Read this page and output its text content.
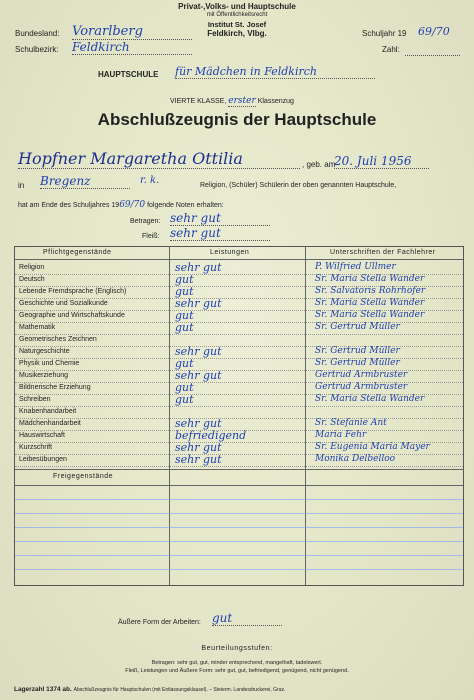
Privat-,Volks- und Hauptschule
mit Öffentlichkeitsrecht
Institut St. Josef
Feldkirch, Vlbg.
Bundesland: Vorarlberg	Schuljahr 19 69/70
Schulbezirk: Feldkirch	Zahl:
HAUPTSCHULE für Mädchen in Feldkirch
VIERTE KLASSE, erster Klassenzug
Abschlußzeugnis der Hauptschule
Hopfner Margaretha Ottilia	, geb. am
20. Juli 1956
in Bregenz	r. k.	Religion, (Schüler) Schülerin der oben genannten Hauptschule,
hat am Ende des Schuljahres 1969/70 folgende Noten erhalten:
Betragen: sehr gut
Fleiß: sehr gut
Pflichtgegenstände	Leistungen	Unterschriften der Fachlehrer
Religion	sehr gut	P. Wilfried Ullmer
Deutsch	gut	Sr. Maria Stella Wander
Lebende Fremdsprache (Englisch)	gut	Sr. Salvatoris Rohrhofer
Geschichte und Sozialkunde	sehr gut	Sr. Maria Stella Wander
Geographie und Wirtschaftskunde	gut	Sr. Maria Stella Wander
Mathematik	gut	Sr. Gertrud Müller
Geometrisches Zeichnen
Naturgeschichte	sehr gut	Sr. Gertrud Müller
Physik und Chemie	gut	Sr. Gertrud Müller
Musikerziehung	sehr gut	Gertrud Armbruster
Bildnerische Erziehung	gut	Gertrud Armbruster
Schreiben	gut	Sr. Maria Stella Wander
Knabenhandarbeit
Mädchenhandarbeit	sehr gut	Sr. Stefanie Ant
Hauswirtschaft	befriedigend	Maria Fehr
Kurzschrift	sehr gut	Sr. Eugenia Maria Mayer
Leibesübungen	sehr gut	Monika Delbelloo
Freigegenstände
Äußere Form der Arbeiten: gut
Beurteilungsstufen:
Betragen: sehr gut, gut, minder entsprechend, mangelhaft, tadelswert.
Fleiß, Leistungen und Äußere Form: sehr gut, gut, befriedigend, genügend, nicht genügend.
Lagerzahl 1374 ab. Abschlußzeugnis für Hauptschulen (mit Entlassungsklausel). – Steierm. Landesdruckerei, Graz.
